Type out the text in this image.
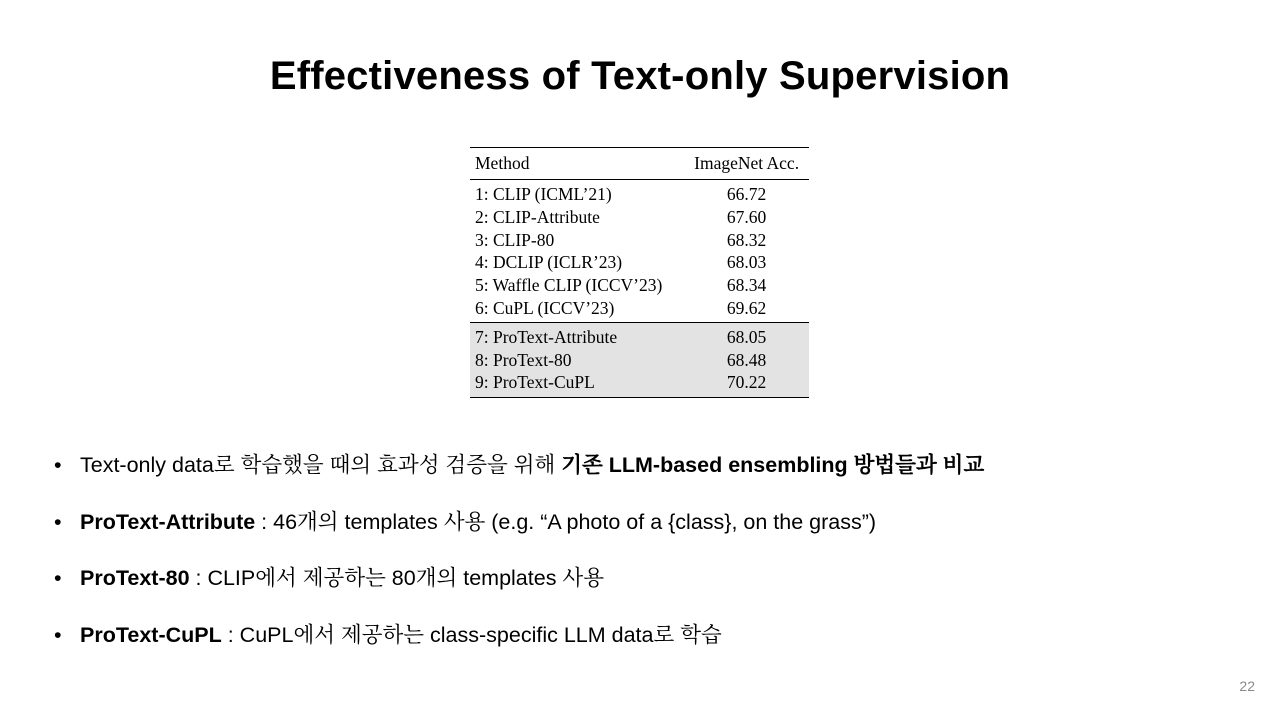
Effectiveness of Text-only Supervision
Method	ImageNet Acc.
1: CLIP (ICML’21)	66.72
2: CLIP-Attribute	67.60
3: CLIP-80	68.32
4: DCLIP (ICLR’23)	68.03
5: Waffle CLIP (ICCV’23)	68.34
6: CuPL (ICCV’23)	69.62
7: ProText-Attribute	68.05
8: ProText-80	68.48
9: ProText-CuPL	70.22
• Text-only data로 학습했을 때의 효과성 검증을 위해 기존 LLM-based ensembling 방법들과 비교
• ProText-Attribute : 46개의 templates 사용 (e.g. “A photo of a {class}, on the grass”)
• ProText-80 : CLIP에서 제공하는 80개의 templates 사용
• ProText-CuPL : CuPL에서 제공하는 class-specific LLM data로 학습
22
